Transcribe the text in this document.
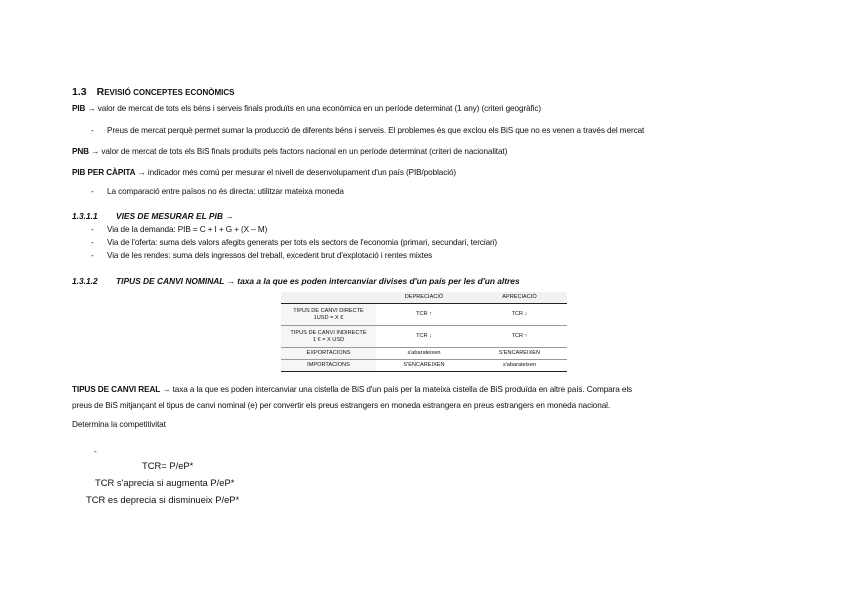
1.3 REVISIÓ CONCEPTES ECONÒMICS
PIB → valor de mercat de tots els béns i serveis finals produïts en una econòmica en un període determinat (1 any) (criteri geogràfic)
- Preus de mercat perquè permet sumar la producció de diferents béns i serveis. El problemes és que exclou els BiS que no es venen a través del mercat
PNB → valor de mercat de tots els BiS finals produïts pels factors nacional en un període determinat (criteri de nacionalitat)
PIB PER CÀPITA → indicador més comú per mesurar el nivell de desenvolupament d'un país (PIB/població)
- La comparació entre països no és directa: utilitzar mateixa moneda
1.3.1.1 VIES DE MESURAR EL PIB →
- Via de la demanda: PIB = C + I + G + (X – M)
- Via de l'oferta: suma dels valors afegits generats per tots els sectors de l'economia (primari, secundari, terciari)
- Via de les rendes: suma dels ingressos del treball, excedent brut d'explotació i rentes mixtes
1.3.1.2 TIPUS DE CANVI NOMINAL → taxa a la que es poden intercanviar divises d'un país per les d'un altres
	DEPRECIACIÓ	APRECIACIÓ
TIPUS DE CANVI DIRECTE
1USD = X €	TCR ↑	TCR ↓
TIPUS DE CANVI INDIRECTE
1 € = X USD	TCR ↓	TCR ↑
EXPORTACIONS	s'abarateixen	S'ENCAREIXEN
IMPORTACIONS	S'ENCAREIXEN	s'abarateixen
TIPUS DE CANVI REAL → taxa a la que es poden intercanviar una cistella de BiS d'un país per la mateixa cistella de BiS produïda en altre país. Compara els
preus de BiS mitjançant el tipus de canvi nominal (e) per convertir els preus estrangers en moneda estrangera en preus estrangers en moneda nacional.
Determina la competitivitat
-
TCR= P/eP*
TCR s'aprecia si augmenta P/eP*
TCR es deprecia si disminueix P/eP*
